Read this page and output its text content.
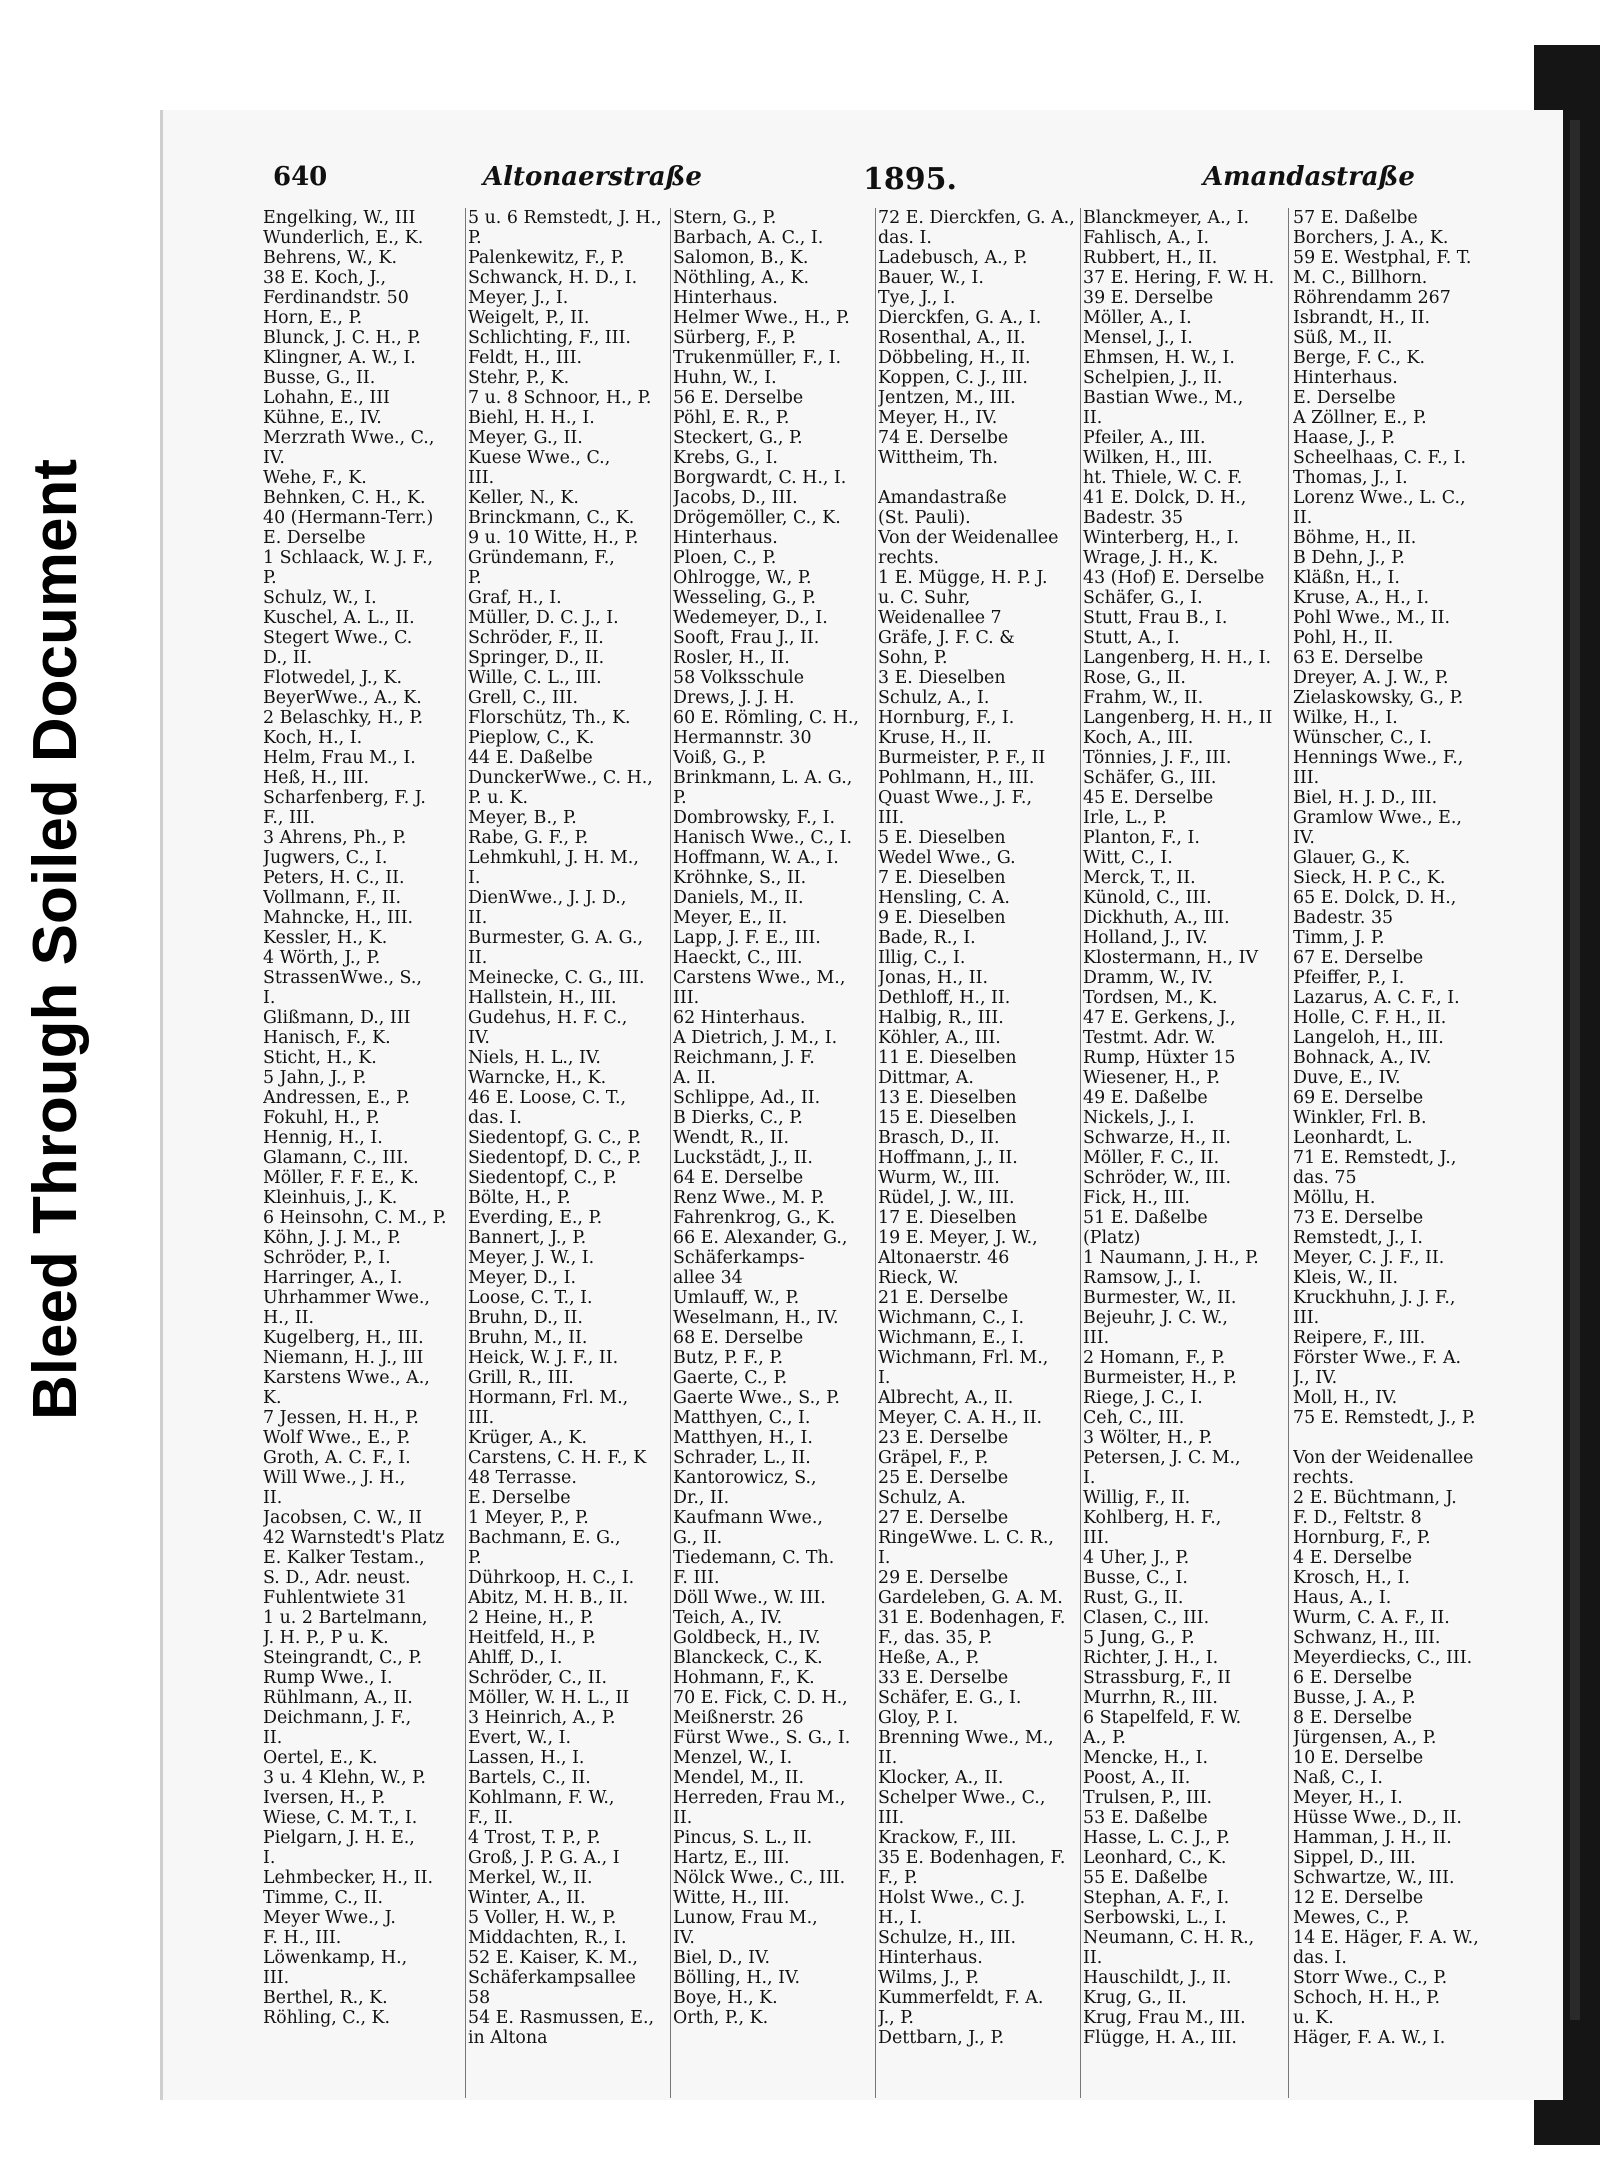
Bleed Through Soiled Document
640	Altonaerstraße	1895.	Amandastraße
Engelking, W., III
Wunderlich, E., K.
Behrens, W., K.
38 E. Koch, J.,
Ferdinandstr. 50
Horn, E., P.
Blunck, J. C. H., P.
Klingner, A. W., I.
Busse, G., II.
Lohahn, E., III
Kühne, E., IV.
Merzrath Wwe., C.,
IV.
Wehe, F., K.
Behnken, C. H., K.
40 (Hermann-Terr.)
E. Derselbe
1 Schlaack, W. J. F.,
P.
Schulz, W., I.
Kuschel, A. L., II.
Stegert Wwe., C.
D., II.
Flotwedel, J., K.
BeyerWwe., A., K.
2 Belaschky, H., P.
Koch, H., I.
Helm, Frau M., I.
Heß, H., III.
Scharfenberg, F. J.
F., III.
3 Ahrens, Ph., P.
Jugwers, C., I.
Peters, H. C., II.
Vollmann, F., II.
Mahncke, H., III.
Kessler, H., K.
4 Wörth, J., P.
StrassenWwe., S.,
I.
Glißmann, D., III
Hanisch, F., K.
Sticht, H., K.
5 Jahn, J., P.
Andressen, E., P.
Fokuhl, H., P.
Hennig, H., I.
Glamann, C., III.
Möller, F. F. E., K.
Kleinhuis, J., K.
6 Heinsohn, C. M., P.
Köhn, J. J. M., P.
Schröder, P., I.
Harringer, A., I.
Uhrhammer Wwe.,
H., II.
Kugelberg, H., III.
Niemann, H. J., III
Karstens Wwe., A.,
K.
7 Jessen, H. H., P.
Wolf Wwe., E., P.
Groth, A. C. F., I.
Will Wwe., J. H.,
II.
Jacobsen, C. W., II
42 Warnstedt's Platz
E. Kalker Testam.,
S. D., Adr. neust.
Fuhlentwiete 31
1 u. 2 Bartelmann,
J. H. P., P u. K.
Steingrandt, C., P.
Rump Wwe., I.
Rühlmann, A., II.
Deichmann, J. F.,
II.
Oertel, E., K.
3 u. 4 Klehn, W., P.
Iversen, H., P.
Wiese, C. M. T., I.
Pielgarn, J. H. E.,
I.
Lehmbecker, H., II.
Timme, C., II.
Meyer Wwe., J.
F. H., III.
Löwenkamp, H.,
III.
Berthel, R., K.
Röhling, C., K.
5 u. 6 Remstedt, J. H.,
P.
Palenkewitz, F., P.
Schwanck, H. D., I.
Meyer, J., I.
Weigelt, P., II.
Schlichting, F., III.
Feldt, H., III.
Stehr, P., K.
7 u. 8 Schnoor, H., P.
Biehl, H. H., I.
Meyer, G., II.
Kuese Wwe., C.,
III.
Keller, N., K.
Brinckmann, C., K.
9 u. 10 Witte, H., P.
Gründemann, F.,
P.
Graf, H., I.
Müller, D. C. J., I.
Schröder, F., II.
Springer, D., II.
Wille, C. L., III.
Grell, C., III.
Florschütz, Th., K.
Pieplow, C., K.
44 E. Daßelbe
DunckerWwe., C. H.,
P. u. K.
Meyer, B., P.
Rabe, G. F., P.
Lehmkuhl, J. H. M.,
I.
DienWwe., J. J. D.,
II.
Burmester, G. A. G.,
II.
Meinecke, C. G., III.
Hallstein, H., III.
Gudehus, H. F. C.,
IV.
Niels, H. L., IV.
Warncke, H., K.
46 E. Loose, C. T.,
das. I.
Siedentopf, G. C., P.
Siedentopf, D. C., P.
Siedentopf, C., P.
Bölte, H., P.
Everding, E., P.
Bannert, J., P.
Meyer, J. W., I.
Meyer, D., I.
Loose, C. T., I.
Bruhn, D., II.
Bruhn, M., II.
Heick, W. J. F., II.
Grill, R., III.
Hormann, Frl. M.,
III.
Krüger, A., K.
Carstens, C. H. F., K
48 Terrasse.
E. Derselbe
1 Meyer, P., P.
Bachmann, E. G.,
P.
Dührkoop, H. C., I.
Abitz, M. H. B., II.
2 Heine, H., P.
Heitfeld, H., P.
Ahlff, D., I.
Schröder, C., II.
Möller, W. H. L., II
3 Heinrich, A., P.
Evert, W., I.
Lassen, H., I.
Bartels, C., II.
Kohlmann, F. W.,
F., II.
4 Trost, T. P., P.
Groß, J. P. G. A., I
Merkel, W., II.
Winter, A., II.
5 Voller, H. W., P.
Middachten, R., I.
52 E. Kaiser, K. M.,
Schäferkampsallee
58
54 E. Rasmussen, E.,
in Altona
Stern, G., P.
Barbach, A. C., I.
Salomon, B., K.
Nöthling, A., K.
Hinterhaus.
Helmer Wwe., H., P.
Sürberg, F., P.
Trukenmüller, F., I.
Huhn, W., I.
56 E. Derselbe
Pöhl, E. R., P.
Steckert, G., P.
Krebs, G., I.
Borgwardt, C. H., I.
Jacobs, D., III.
Drögemöller, C., K.
Hinterhaus.
Ploen, C., P.
Ohlrogge, W., P.
Wesseling, G., P.
Wedemeyer, D., I.
Sooft, Frau J., II.
Rosler, H., II.
58 Volksschule
Drews, J. J. H.
60 E. Römling, C. H.,
Hermannstr. 30
Voiß, G., P.
Brinkmann, L. A. G.,
P.
Dombrowsky, F., I.
Hanisch Wwe., C., I.
Hoffmann, W. A., I.
Kröhnke, S., II.
Daniels, M., II.
Meyer, E., II.
Lapp, J. F. E., III.
Haeckt, C., III.
Carstens Wwe., M.,
III.
62 Hinterhaus.
A Dietrich, J. M., I.
Reichmann, J. F.
A. II.
Schlippe, Ad., II.
B Dierks, C., P.
Wendt, R., II.
Luckstädt, J., II.
64 E. Derselbe
Renz Wwe., M. P.
Fahrenkrog, G., K.
66 E. Alexander, G.,
Schäferkamps-
allee 34
Umlauff, W., P.
Weselmann, H., IV.
68 E. Derselbe
Butz, P. F., P.
Gaerte, C., P.
Gaerte Wwe., S., P.
Matthyen, C., I.
Matthyen, H., I.
Schrader, L., II.
Kantorowicz, S.,
Dr., II.
Kaufmann Wwe.,
G., II.
Tiedemann, C. Th.
F. III.
Döll Wwe., W. III.
Teich, A., IV.
Goldbeck, H., IV.
Blanckeck, C., K.
Hohmann, F., K.
70 E. Fick, C. D. H.,
Meißnerstr. 26
Fürst Wwe., S. G., I.
Menzel, W., I.
Mendel, M., II.
Herreden, Frau M.,
II.
Pincus, S. L., II.
Hartz, E., III.
Nölck Wwe., C., III.
Witte, H., III.
Lunow, Frau M.,
IV.
Biel, D., IV.
Bölling, H., IV.
Boye, H., K.
Orth, P., K.
72 E. Dierckfen, G. A.,
das. I.
Ladebusch, A., P.
Bauer, W., I.
Tye, J., I.
Dierckfen, G. A., I.
Rosenthal, A., II.
Döbbeling, H., II.
Koppen, C. J., III.
Jentzen, M., III.
Meyer, H., IV.
74 E. Derselbe
Wittheim, Th.
Amandastraße
(St. Pauli).
Von der Weidenallee
rechts.
1 E. Mügge, H. P. J.
u. C. Suhr,
Weidenallee 7
Gräfe, J. F. C. &
Sohn, P.
3 E. Dieselben
Schulz, A., I.
Hornburg, F., I.
Kruse, H., II.
Burmeister, P. F., II
Pohlmann, H., III.
Quast Wwe., J. F.,
III.
5 E. Dieselben
Wedel Wwe., G.
7 E. Dieselben
Hensling, C. A.
9 E. Dieselben
Bade, R., I.
Illig, C., I.
Jonas, H., II.
Dethloff, H., II.
Halbig, R., III.
Köhler, A., III.
11 E. Dieselben
Dittmar, A.
13 E. Dieselben
15 E. Dieselben
Brasch, D., II.
Hoffmann, J., II.
Wurm, W., III.
Rüdel, J. W., III.
17 E. Dieselben
19 E. Meyer, J. W.,
Altonaerstr. 46
Rieck, W.
21 E. Derselbe
Wichmann, C., I.
Wichmann, E., I.
Wichmann, Frl. M.,
I.
Albrecht, A., II.
Meyer, C. A. H., II.
23 E. Derselbe
Gräpel, F., P.
25 E. Derselbe
Schulz, A.
27 E. Derselbe
RingeWwe. L. C. R.,
I.
29 E. Derselbe
Gardeleben, G. A. M.
31 E. Bodenhagen, F.
F., das. 35, P.
Heße, A., P.
33 E. Derselbe
Schäfer, E. G., I.
Gloy, P. I.
Brenning Wwe., M.,
II.
Klocker, A., II.
Schelper Wwe., C.,
III.
Krackow, F., III.
35 E. Bodenhagen, F.
F., P.
Holst Wwe., C. J.
H., I.
Schulze, H., III.
Hinterhaus.
Wilms, J., P.
Kummerfeldt, F. A.
J., P.
Dettbarn, J., P.
Blanckmeyer, A., I.
Fahlisch, A., I.
Rubbert, H., II.
37 E. Hering, F. W. H.
39 E. Derselbe
Möller, A., I.
Mensel, J., I.
Ehmsen, H. W., I.
Schelpien, J., II.
Bastian Wwe., M.,
II.
Pfeiler, A., III.
Wilken, H., III.
ht. Thiele, W. C. F.
41 E. Dolck, D. H.,
Badestr. 35
Winterberg, H., I.
Wrage, J. H., K.
43 (Hof) E. Derselbe
Schäfer, G., I.
Stutt, Frau B., I.
Stutt, A., I.
Langenberg, H. H., I.
Rose, G., II.
Frahm, W., II.
Langenberg, H. H., II
Koch, A., III.
Tönnies, J. F., III.
Schäfer, G., III.
45 E. Derselbe
Irle, L., P.
Planton, F., I.
Witt, C., I.
Merck, T., II.
Künold, C., III.
Dickhuth, A., III.
Holland, J., IV.
Klostermann, H., IV
Dramm, W., IV.
Tordsen, M., K.
47 E. Gerkens, J.,
Testmt. Adr. W.
Rump, Hüxter 15
Wiesener, H., P.
49 E. Daßelbe
Nickels, J., I.
Schwarze, H., II.
Möller, F. C., II.
Schröder, W., III.
Fick, H., III.
51 E. Daßelbe
(Platz)
1 Naumann, J. H., P.
Ramsow, J., I.
Burmester, W., II.
Bejeuhr, J. C. W.,
III.
2 Homann, F., P.
Burmeister, H., P.
Riege, J. C., I.
Ceh, C., III.
3 Wölter, H., P.
Petersen, J. C. M.,
I.
Willig, F., II.
Kohlberg, H. F.,
III.
4 Uher, J., P.
Busse, C., I.
Rust, G., II.
Clasen, C., III.
5 Jung, G., P.
Richter, J. H., I.
Strassburg, F., II
Murrhn, R., III.
6 Stapelfeld, F. W.
A., P.
Mencke, H., I.
Poost, A., II.
Trulsen, P., III.
53 E. Daßelbe
Hasse, L. C. J., P.
Leonhard, C., K.
55 E. Daßelbe
Stephan, A. F., I.
Serbowski, L., I.
Neumann, C. H. R.,
II.
Hauschildt, J., II.
Krug, G., II.
Krug, Frau M., III.
Flügge, H. A., III.
57 E. Daßelbe
Borchers, J. A., K.
59 E. Westphal, F. T.
M. C., Billhorn.
Röhrendamm 267
Isbrandt, H., II.
Süß, M., II.
Berge, F. C., K.
Hinterhaus.
E. Derselbe
A Zöllner, E., P.
Haase, J., P.
Scheelhaas, C. F., I.
Thomas, J., I.
Lorenz Wwe., L. C.,
II.
Böhme, H., II.
B Dehn, J., P.
Kläßn, H., I.
Kruse, A., H., I.
Pohl Wwe., M., II.
Pohl, H., II.
63 E. Derselbe
Dreyer, A. J. W., P.
Zielaskowsky, G., P.
Wilke, H., I.
Wünscher, C., I.
Hennings Wwe., F.,
III.
Biel, H. J. D., III.
Gramlow Wwe., E.,
IV.
Glauer, G., K.
Sieck, H. P. C., K.
65 E. Dolck, D. H.,
Badestr. 35
Timm, J. P.
67 E. Derselbe
Pfeiffer, P., I.
Lazarus, A. C. F., I.
Holle, C. F. H., II.
Langeloh, H., III.
Bohnack, A., IV.
Duve, E., IV.
69 E. Derselbe
Winkler, Frl. B.
Leonhardt, L.
71 E. Remstedt, J.,
das. 75
Möllu, H.
73 E. Derselbe
Remstedt, J., I.
Meyer, C. J. F., II.
Kleis, W., II.
Kruckhuhn, J. J. F.,
III.
Reipere, F., III.
Förster Wwe., F. A.
J., IV.
Moll, H., IV.
75 E. Remstedt, J., P.
Von der Weidenallee
rechts.
2 E. Büchtmann, J.
F. D., Feltstr. 8
Hornburg, F., P.
4 E. Derselbe
Krosch, H., I.
Haus, A., I.
Wurm, C. A. F., II.
Schwanz, H., III.
Meyerdiecks, C., III.
6 E. Derselbe
Busse, J. A., P.
8 E. Derselbe
Jürgensen, A., P.
10 E. Derselbe
Naß, C., I.
Meyer, H., I.
Hüsse Wwe., D., II.
Hamman, J. H., II.
Sippel, D., III.
Schwartze, W., III.
12 E. Derselbe
Mewes, C., P.
14 E. Häger, F. A. W.,
das. I.
Storr Wwe., C., P.
Schoch, H. H., P.
u. K.
Häger, F. A. W., I.
